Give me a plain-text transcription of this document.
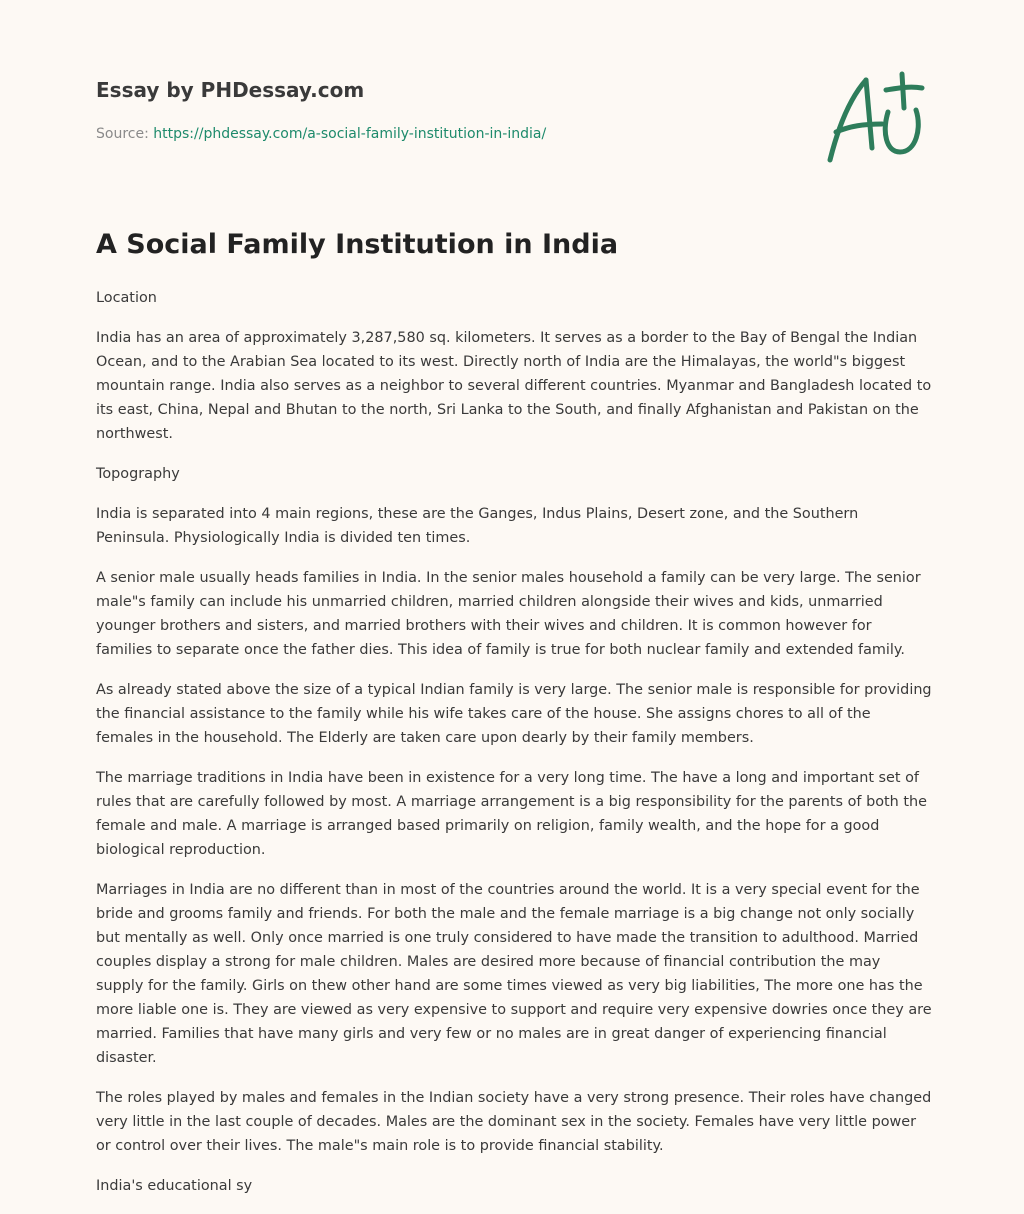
Essay by PHDessay.com
Source: https://phdessay.com/a-social-family-institution-in-india/
A Social Family Institution in India

Location

India has an area of approximately 3,287,580 sq. kilometers. It serves as a border to the Bay of Bengal the Indian Ocean, and to the Arabian Sea located to its west. Directly north of India are the Himalayas, the world"s biggest mountain range. India also serves as a neighbor to several different countries. Myanmar and Bangladesh located to its east, China, Nepal and Bhutan to the north, Sri Lanka to the South, and finally Afghanistan and Pakistan on the northwest.

Topography

India is separated into 4 main regions, these are the Ganges, Indus Plains, Desert zone, and the Southern Peninsula. Physiologically India is divided ten times.

A senior male usually heads families in India. In the senior males household a family can be very large. The senior male"s family can include his unmarried children, married children alongside their wives and kids, unmarried younger brothers and sisters, and married brothers with their wives and children. It is common however for families to separate once the father dies. This idea of family is true for both nuclear family and extended family.

As already stated above the size of a typical Indian family is very large. The senior male is responsible for providing the financial assistance to the family while his wife takes care of the house. She assigns chores to all of the females in the household. The Elderly are taken care upon dearly by their family members.

The marriage traditions in India have been in existence for a very long time. The have a long and important set of rules that are carefully followed by most. A marriage arrangement is a big responsibility for the parents of both the female and male. A marriage is arranged based primarily on religion, family wealth, and the hope for a good biological reproduction.

Marriages in India are no different than in most of the countries around the world. It is a very special event for the bride and grooms family and friends. For both the male and the female marriage is a big change not only socially but mentally as well. Only once married is one truly considered to have made the transition to adulthood. Married couples display a strong for male children. Males are desired more because of financial contribution the may supply for the family. Girls on thew other hand are some times viewed as very big liabilities, The more one has the more liable one is. They are viewed as very expensive to support and require very expensive dowries once they are married. Families that have many girls and very few or no males are in great danger of experiencing financial disaster.

The roles played by males and females in the Indian society have a very strong presence. Their roles have changed very little in the last couple of decades. Males are the dominant sex in the society. Females have very little power or control over their lives. The male"s main role is to provide financial stability.

India's educational sy
